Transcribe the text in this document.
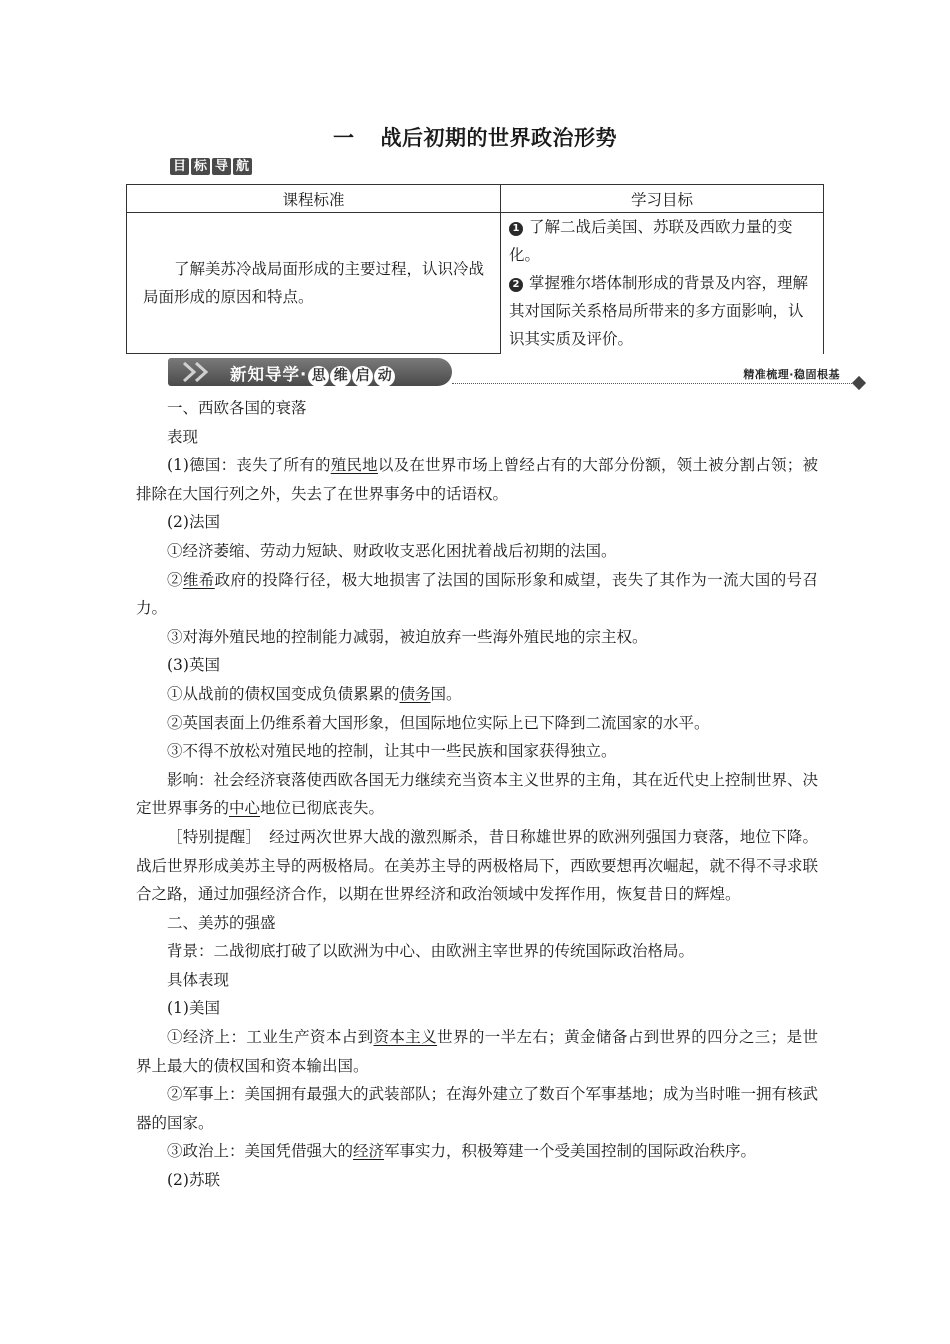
一 战后初期的世界政治形势
目 标 导 航
课程标准	学习目标
了解美苏冷战局面形成的主要过程，认识冷战局面形成的原因和特点。	1 了解二战后美国、苏联及西欧力量的变化。
2 掌握雅尔塔体制形成的背景及内容，理解其对国际关系格局所带来的多方面影响，认识其实质及评价。
新知导学· 思 维 启 动	精准梳理·稳固根基

一、西欧各国的衰落

表现

(1)德国：丧失了所有的殖民地以及在世界市场上曾经占有的大部分份额，领土被分割占领；被排除在大国行列之外，失去了在世界事务中的话语权。

(2)法国

①经济萎缩、劳动力短缺、财政收支恶化困扰着战后初期的法国。

②维希政府的投降行径，极大地损害了法国的国际形象和威望，丧失了其作为一流大国的号召力。

③对海外殖民地的控制能力减弱，被迫放弃一些海外殖民地的宗主权。

(3)英国

①从战前的债权国变成负债累累的债务国。

②英国表面上仍维系着大国形象，但国际地位实际上已下降到二流国家的水平。

③不得不放松对殖民地的控制，让其中一些民族和国家获得独立。

影响：社会经济衰落使西欧各国无力继续充当资本主义世界的主角，其在近代史上控制世界、决定世界事务的中心地位已彻底丧失。

［特别提醒］　经过两次世界大战的激烈厮杀，昔日称雄世界的欧洲列强国力衰落，地位下降。战后世界形成美苏主导的两极格局。在美苏主导的两极格局下，西欧要想再次崛起，就不得不寻求联合之路，通过加强经济合作，以期在世界经济和政治领域中发挥作用，恢复昔日的辉煌。

二、美苏的强盛

背景：二战彻底打破了以欧洲为中心、由欧洲主宰世界的传统国际政治格局。

具体表现

(1)美国

①经济上：工业生产资本占到资本主义世界的一半左右；黄金储备占到世界的四分之三；是世界上最大的债权国和资本输出国。

②军事上：美国拥有最强大的武装部队；在海外建立了数百个军事基地；成为当时唯一拥有核武器的国家。

③政治上：美国凭借强大的经济军事实力，积极筹建一个受美国控制的国际政治秩序。

(2)苏联
